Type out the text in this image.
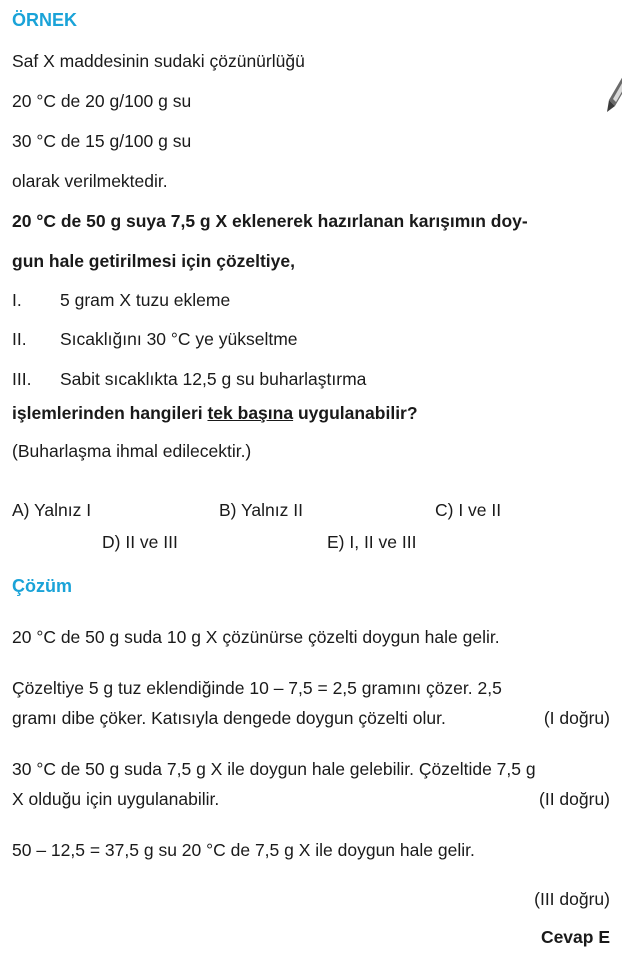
ÖRNEK
Saf X maddesinin sudaki çözünürlüğü
20 °C de 20 g/100 g su
30 °C de 15 g/100 g su
olarak verilmektedir.
20 °C de 50 g suya 7,5 g X eklenerek hazırlanan karışımın doy-
gun hale getirilmesi için çözeltiye,
I. 5 gram X tuzu ekleme
II. Sıcaklığını 30 °C ye yükseltme
III. Sabit sıcaklıkta 12,5 g su buharlaştırma
işlemlerinden hangileri tek başına uygulanabilir?
(Buharlaşma ihmal edilecektir.)
A) Yalnız I	B) Yalnız II	C) I ve II
D) II ve III	E) I, II ve III
Çözüm
20 °C de 50 g suda 10 g X çözünürse çözelti doygun hale gelir.
Çözeltiye 5 g tuz eklendiğinde 10 – 7,5 = 2,5 gramını çözer. 2,5
gramı dibe çöker. Katısıyla dengede doygun çözelti olur.	(I doğru)
30 °C de 50 g suda 7,5 g X ile doygun hale gelebilir. Çözeltide 7,5 g
X olduğu için uygulanabilir.	(II doğru)
50 – 12,5 = 37,5 g su 20 °C de 7,5 g X ile doygun hale gelir.
(III doğru)
Cevap E
